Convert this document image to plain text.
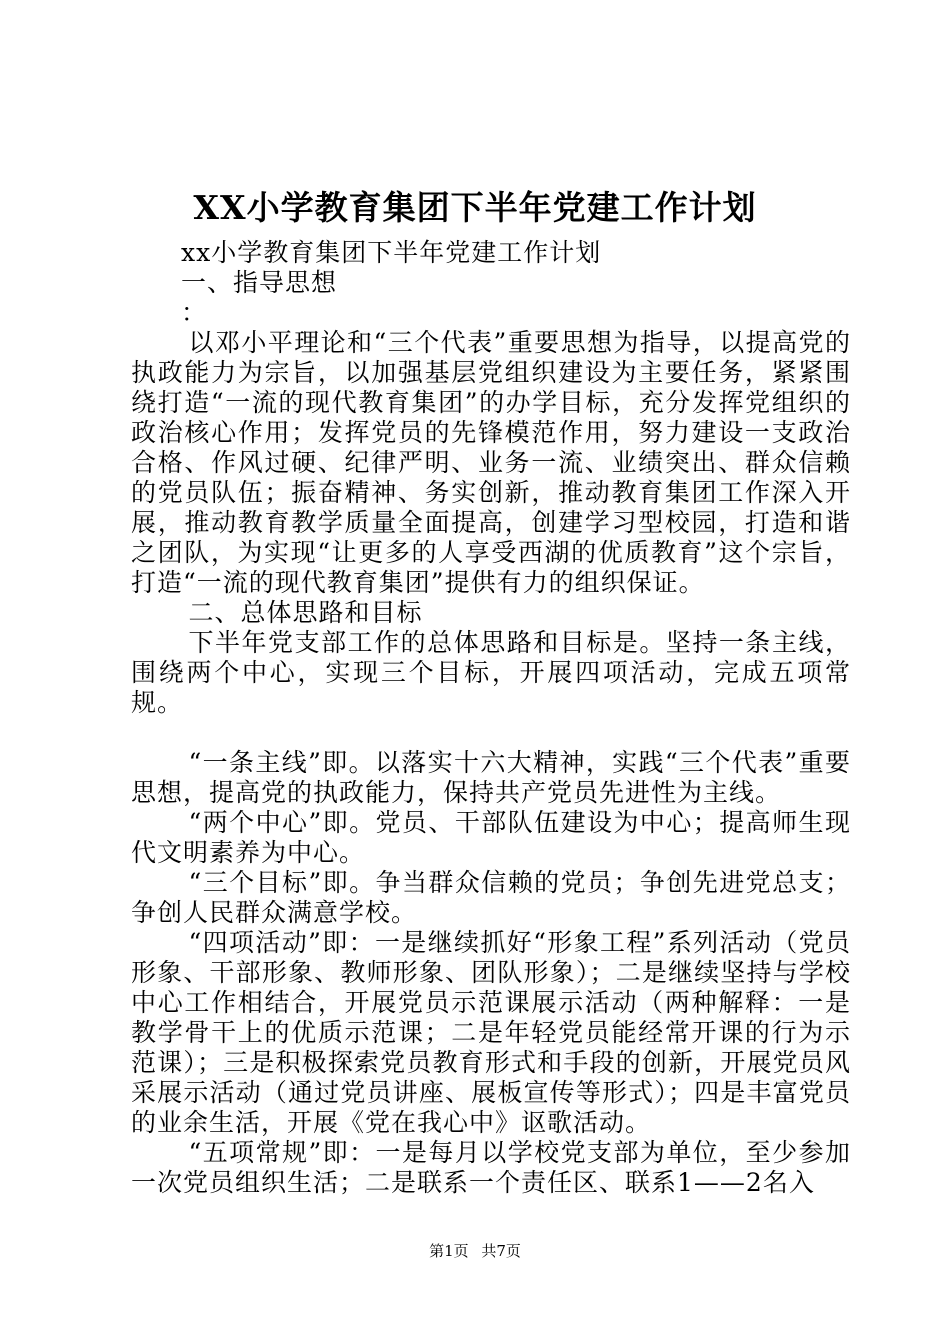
XX小学教育集团下半年党建工作计划

xx小学教育集团下半年党建工作计划

一、指导思想

：

以邓小平理论和“三个代表”重要思想为指导，以提高党的执政能力为宗旨，以加强基层党组织建设为主要任务，紧紧围绕打造“一流的现代教育集团”的办学目标，充分发挥党组织的政治核心作用；发挥党员的先锋模范作用，努力建设一支政治合格、作风过硬、纪律严明、业务一流、业绩突出、群众信赖的党员队伍；振奋精神、务实创新，推动教育集团工作深入开展，推动教育教学质量全面提高，创建学习型校园，打造和谐之团队，为实现“让更多的人享受西湖的优质教育”这个宗旨，打造“一流的现代教育集团”提供有力的组织保证。

二、总体思路和目标

下半年党支部工作的总体思路和目标是。坚持一条主线，围绕两个中心，实现三个目标，开展四项活动，完成五项常规。

“一条主线”即。以落实十六大精神，实践“三个代表”重要思想，提高党的执政能力，保持共产党员先进性为主线。

“两个中心”即。党员、干部队伍建设为中心；提高师生现代文明素养为中心。

“三个目标”即。争当群众信赖的党员；争创先进党总支；争创人民群众满意学校。

“四项活动”即：一是继续抓好“形象工程”系列活动（党员形象、干部形象、教师形象、团队形象）；二是继续坚持与学校中心工作相结合，开展党员示范课展示活动（两种解释：一是教学骨干上的优质示范课；二是年轻党员能经常开课的行为示范课）；三是积极探索党员教育形式和手段的创新，开展党员风采展示活动（通过党员讲座、展板宣传等形式）；四是丰富党员的业余生活，开展《党在我心中》讴歌活动。

“五项常规”即：一是每月以学校党支部为单位，至少参加一次党员组织生活；二是联系一个责任区、联系1——2名入

第1页 共7页
